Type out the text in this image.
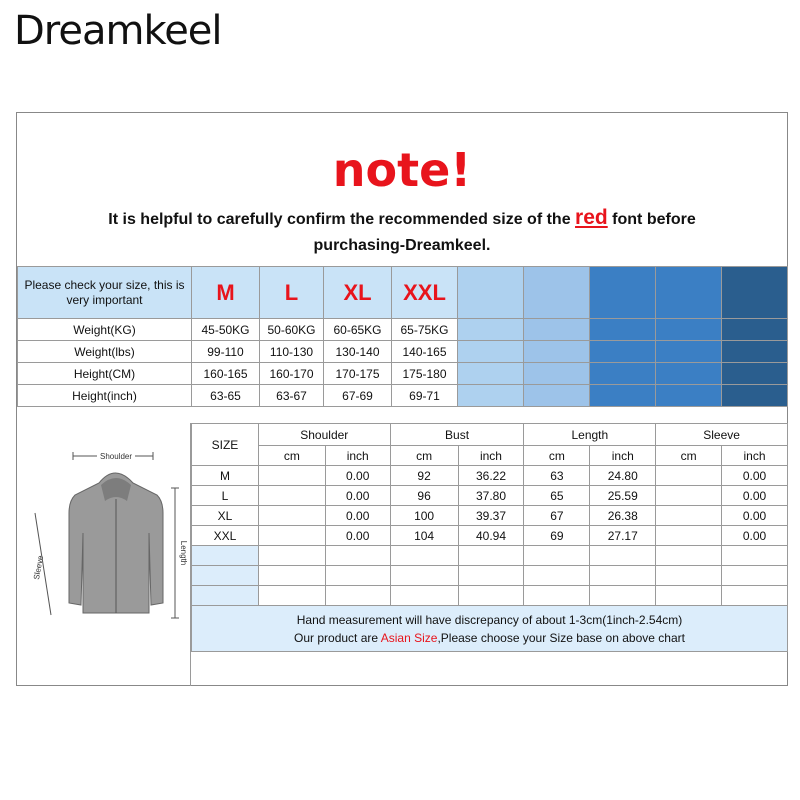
Dreamkeel
note!
It is helpful to carefully confirm the recommended size of the red font before
purchasing-Dreamkeel.
Please check your size, this is very important	M	L	XL	XXL					
Weight(KG)	45-50KG	50-60KG	60-65KG	65-75KG					
Weight(lbs)	99-110	110-130	130-140	140-165					
Height(CM)	160-165	160-170	170-175	175-180					
Height(inch)	63-65	63-67	67-69	69-71					
Shoulder
Sleeve
Length
SIZE	Shoulder		Bust		Length		Sleeve	
	cm	inch	cm	inch	cm	inch	cm	inch
M		0.00	92	36.22	63	24.80		0.00
L		0.00	96	37.80	65	25.59		0.00
XL		0.00	100	39.37	67	26.38		0.00
XXL		0.00	104	40.94	69	27.17		0.00

Hand measurement will have discrepancy of about 1-3cm(1inch-2.54cm)
Our product are Asian Size,Please choose your Size base on above chart								
